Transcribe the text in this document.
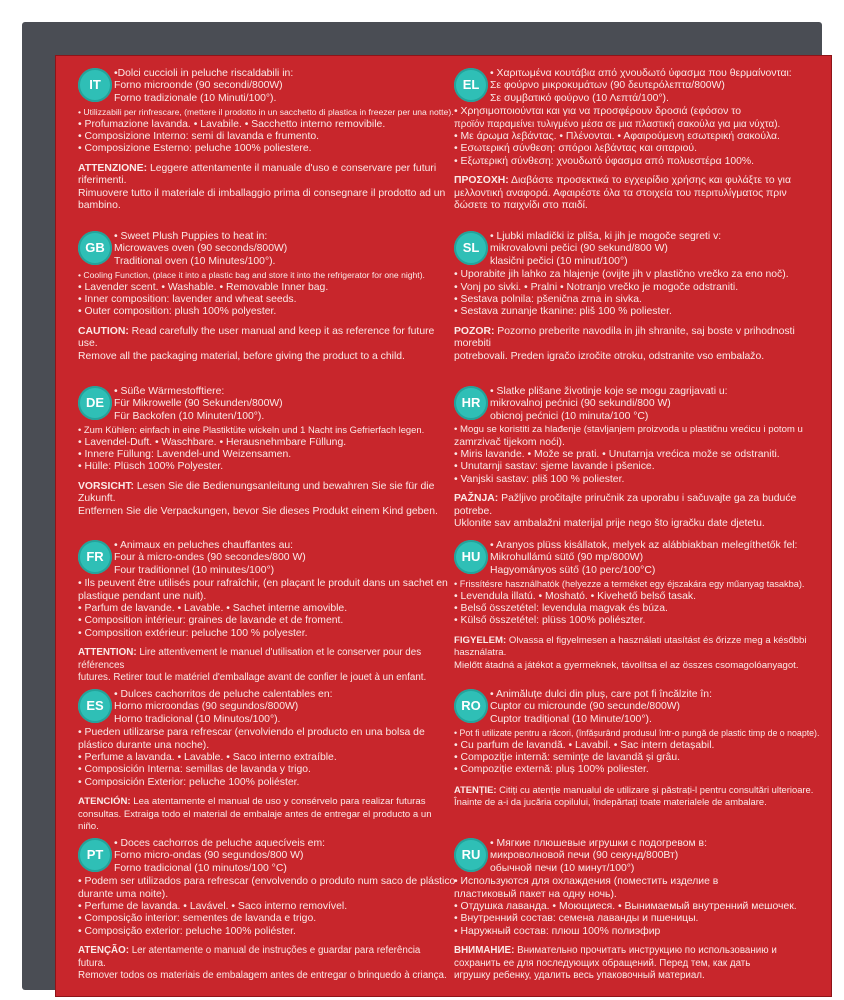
IT
•Dolci cuccioli in peluche riscaldabili in:
Forno microonde (90 secondi/800W)
Forno tradizionale (10 Minuti/100°).
• Utilizzabili per rinfrescare, (mettere il prodotto in un sacchetto di plastica in freezer per una notte).
• Profumazione lavanda. • Lavabile. • Sacchetto interno removibile.
• Composizione Interno: semi di lavanda e frumento.
• Composizione Esterno: peluche 100% poliestere.
ATTENZIONE: Leggere attentamente il manuale d'uso e conservare per futuri riferimenti.
Rimuovere tutto il materiale di imballaggio prima di consegnare il prodotto ad un bambino.
GB
• Sweet Plush Puppies to heat in:
Microwaves oven (90 seconds/800W)
Traditional oven (10 Minutes/100°).
• Cooling Function, (place it into a plastic bag and store it into the refrigerator for one night).
• Lavender scent. • Washable. • Removable Inner bag.
• Inner composition: lavender and wheat seeds.
• Outer composition: plush 100% polyester.
CAUTION: Read carefully the user manual and keep it as reference for future use.
Remove all the packaging material, before giving the product to a child.
DE
• Süße Wärmestofftiere:
Für Mikrowelle (90 Sekunden/800W)
Für Backofen (10 Minuten/100°).
• Zum Kühlen: einfach in eine Plastiktüte wickeln und 1 Nacht ins Gefrierfach legen.
• Lavendel-Duft. • Waschbare. • Herausnehmbare Füllung.
• Innere Füllung: Lavendel-und Weizensamen.
• Hülle: Plüsch 100% Polyester.
VORSICHT: Lesen Sie die Bedienungsanleitung und bewahren Sie sie für die Zukunft.
Entfernen Sie die Verpackungen, bevor Sie dieses Produkt einem Kind geben.
FR
• Animaux en peluches chauffantes au:
Four à micro-ondes (90 secondes/800 W)
Four traditionnel (10 minutes/100°)
• Ils peuvent être utilisés pour rafraîchir, (en plaçant le produit dans un sachet en
plastique pendant une nuit).
• Parfum de lavande. • Lavable. • Sachet interne amovible.
• Composition intérieur: graines de lavande et de froment.
• Composition extérieur: peluche 100 % polyester.
ATTENTION: Lire attentivement le manuel d'utilisation et le conserver pour des références
futures. Retirer tout le matériel d'emballage avant de confier le jouet à un enfant.
ES
• Dulces cachorritos de peluche calentables en:
Horno microondas (90 segundos/800W)
Horno tradicional (10 Minutos/100°).
• Pueden utilizarse para refrescar (envolviendo el producto en una bolsa de
plástico durante una noche).
• Perfume a lavanda. • Lavable. • Saco interno extraíble.
• Composición Interna: semillas de lavanda y trigo.
• Composición Exterior: peluche 100% poliéster.
ATENCIÓN: Lea atentamente el manual de uso y consérvelo para realizar futuras
consultas. Extraiga todo el material de embalaje antes de entregar el producto a un niño.
PT
• Doces cachorros de peluche aquecíveis em:
Forno micro-ondas (90 segundos/800 W)
Forno tradicional (10 minutos/100 °C)
• Podem ser utilizados para refrescar (envolvendo o produto num saco de plástico
durante uma noite).
• Perfume de lavanda. • Lavável. • Saco interno removível.
• Composição interior: sementes de lavanda e trigo.
• Composição exterior: peluche 100% poliéster.
ATENÇÃO: Ler atentamente o manual de instruções e guardar para referência futura.
Remover todos os materiais de embalagem antes de entregar o brinquedo à criança.
EL
• Χαριτωμένα κουτάβια από χνουδωτό ύφασμα που θερμαίνονται:
Σε φούρνο μικροκυμάτων (90 δευτερόλεπτα/800W)
Σε συμβατικό φούρνο (10 Λεπτά/100°).
• Χρησιμοποιούνται και για να προσφέρουν δροσιά (εφόσον το
προϊόν παραμείνει τυλιγμένο μέσα σε μια πλαστική σακούλα για μια νύχτα).
• Με άρωμα λεβάντας. • Πλένονται. • Αφαιρούμενη εσωτερική σακούλα.
• Εσωτερική σύνθεση: σπόροι λεβάντας και σιταριού.
• Εξωτερική σύνθεση: χνουδωτό ύφασμα από πολυεστέρα 100%.
ΠΡΟΣΟΧΗ: Διαβάστε προσεκτικά το εγχειρίδιο χρήσης και φυλάξτε το για
μελλοντική αναφορά. Αφαιρέστε όλα τα στοιχεία του περιτυλίγματος πριν
δώσετε το παιχνίδι στο παιδί.
SL
• Ljubki mladički iz pliša, ki jih je mogoče segreti v:
mikrovalovni pečici (90 sekund/800 W)
klasični pečici (10 minut/100°)
• Uporabite jih lahko za hlajenje (ovijte jih v plastično vrečko za eno noč).
• Vonj po sivki. • Pralni • Notranjo vrečko je mogoče odstraniti.
• Sestava polnila: pšenična zrna in sivka.
• Sestava zunanje tkanine: pliš 100 % poliester.
POZOR: Pozorno preberite navodila in jih shranite, saj boste v prihodnosti morebiti
potrebovali. Preden igračo izročite otroku, odstranite vso embalažo.
HR
• Slatke plišane životinje koje se mogu zagrijavati u:
mikrovalnoj pećnici (90 sekundi/800 W)
obicnoj pećnici (10 minuta/100 °C)
• Mogu se koristiti za hlađenje (stavljanjem proizvoda u plastičnu vrećicu i potom u
zamrzivač tijekom noći).
• Miris lavande. • Može se prati. • Unutarnja vrećica može se odstraniti.
• Unutarnji sastav: sjeme lavande i pšenice.
• Vanjski sastav: pliš 100 % poliester.
PAŽNJA: Pažljivo pročitajte priručnik za uporabu i sačuvajte ga za buduće potrebe.
Uklonite sav ambalažni materijal prije nego što igračku date djetetu.
HU
• Aranyos plüss kisállatok, melyek az alábbiakban melegíthetők fel:
Mikrohullámú sütő (90 mp/800W)
Hagyományos sütő (10 perc/100°C)
• Frissítésre használhatók (helyezze a terméket egy éjszakára egy műanyag tasakba).
• Levendula illatú. • Mosható. • Kivehető belső tasak.
• Belső összetétel: levendula magvak és búza.
• Külső összetétel: plüss 100% poliészter.
FIGYELEM: Olvassa el figyelmesen a használati utasítást és őrizze meg a későbbi használatra.
Mielőtt átadná a játékot a gyermeknek, távolítsa el az összes csomagolóanyagot.
RO
• Animăluțe dulci din pluș, care pot fi încălzite în:
Cuptor cu microunde (90 secunde/800W)
Cuptor tradițional (10 Minute/100°).
• Pot fi utilizate pentru a răcori, (înfășurând produsul într-o pungă de plastic timp de o noapte).
• Cu parfum de lavandă. • Lavabil. • Sac intern detașabil.
• Compoziție internă: semințe de lavandă și grâu.
• Compoziție externă: pluș 100% poliester.
ATENȚIE: Citiți cu atenție manualul de utilizare și păstrați-l pentru consultări ulterioare.
Înainte de a-i da jucăria copilului, îndepărtați toate materialele de ambalare.
RU
• Мягкие плюшевые игрушки с подогревом в:
микроволновой печи (90 секунд/800Вт)
обычной печи (10 минут/100°)
• Используются для охлаждения (поместить изделие в
пластиковый пакет на одну ночь).
• Отдушка лаванда. • Моющиеся. • Вынимаемый внутренний мешочек.
• Внутренний состав: семена лаванды и пшеницы.
• Наружный состав: плюш 100% полиэфир
ВНИМАНИЕ: Внимательно прочитать инструкцию по использованию и
сохранить ее для последующих обращений. Перед тем, как дать
игрушку ребенку, удалить весь упаковочный материал.
